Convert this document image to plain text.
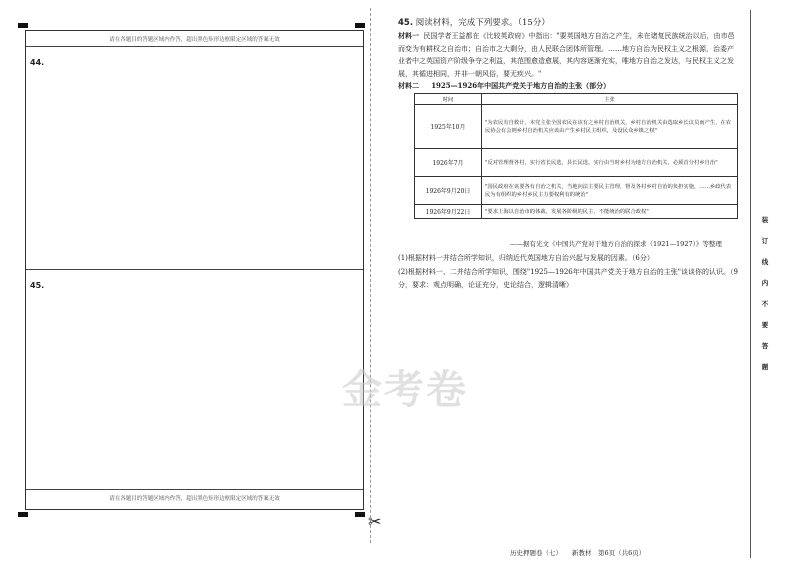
请在各题目的答题区域内作答，超出黑色矩形边框限定区域的答案无效
44.
45.
请在各题目的答题区域内作答，超出黑色矩形边框限定区域的答案无效
✂
金考卷
45. 阅读材料，完成下列要求。（15分）
材料一 民国学者王益都在《比较英政府》中指出："要英国地方自治之产生，未在诸复民族统治以后，由市邑而变为有耕权之自治市；自治市之大剩分，由人民联合团体所管理。……地方自治为民权主义之根源，治委产业者中之英国资产阶级争夺之利益，其范围愈造愈展，其内容逐渐充实，唯地方自治之发达，与民权主义之发展，其循进相同，并非一朝风俗，要无疾兴。"
材料二 1925—1926年中国共产党关于地方自治的主张（部分）
时间	主张
1925年10月	"为农民有自救计，本党主张全国农民在该有之乡村自治机关，乡村自治机关由选取乡长议员而产生，在农民协会有会则乡村自治机关应该由产生乡村民主组织，及设民众乡镇之权"
1926年7月	"反对管理督各村，实行省长民选，县长民选，实行由当时乡村为地方自治机关，必须首分村乡自治"
1926年9月20日	"国民政府在该要各有自治之机关，当地向法主要民主管理，督及各村乡村自治的负担实施，……乡政代表民为有组织的乡村乡民主力要权利有的统治"
1926年9月22日	"要求上海以自治市的体裁，发展各阶级的民主，不能统治的联合政权"
——据有光文《中国共产党对于地方自治的探求（1921—1927）》等整理
(1)根据材料一并结合所学知识，归纳近代英国地方自治兴起与发展的因素。（6分）
(2)根据材料一、二并结合所学知识，围绕"1925—1926年中国共产党关于地方自治的主张"谈谈你的认识。（9分，要求：观点明确，论证充分，史论结合，逻辑清晰）
装
订
线
内
不
要
答
题
历史押题卷（七） 新教材 第6页（共6页）
